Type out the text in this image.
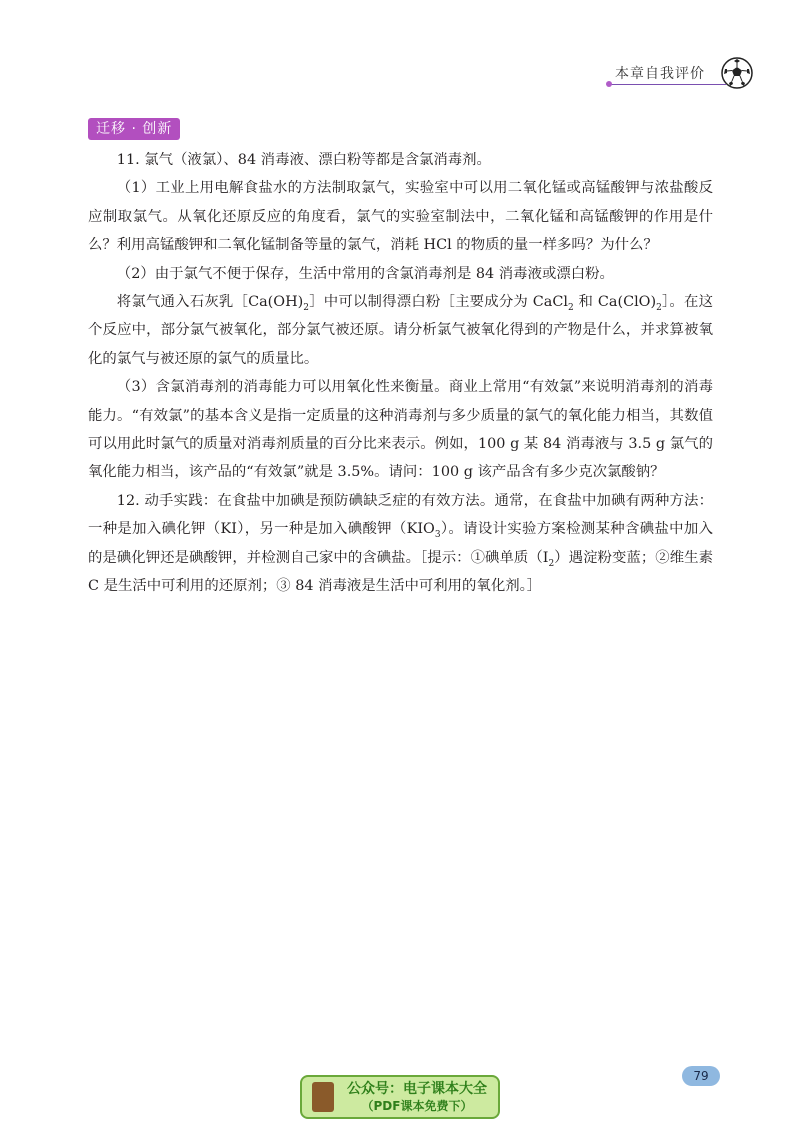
本章自我评价
迁移 · 创新

11. 氯气（液氯）、84 消毒液、漂白粉等都是含氯消毒剂。

（1）工业上用电解食盐水的方法制取氯气，实验室中可以用二氧化锰或高锰酸钾与浓盐酸反应制取氯气。从氧化还原反应的角度看，氯气的实验室制法中，二氧化锰和高锰酸钾的作用是什么？利用高锰酸钾和二氧化锰制备等量的氯气，消耗 HCl 的物质的量一样多吗？为什么？

（2）由于氯气不便于保存，生活中常用的含氯消毒剂是 84 消毒液或漂白粉。

将氯气通入石灰乳$[Ca(OH)_2]$中可以制得漂白粉［主要成分为 CaCl$_2$ 和 $Ca(ClO)_2]$。在这个反应中，部分氯气被氧化，部分氯气被还原。请分析氯气被氧化得到的产物是什么，并求算被氧化的氯气与被还原的氯气的质量比。

（3）含氯消毒剂的消毒能力可以用氧化性来衡量。商业上常用“有效氯”来说明消毒剂的消毒能力。“有效氯”的基本含义是指一定质量的这种消毒剂与多少质量的氯气的氧化能力相当，其数值可以用此时氯气的质量对消毒剂质量的百分比来表示。例如，100 g 某 84 消毒液与 3.5 g 氯气的氧化能力相当，该产品的“有效氯”就是 3.5%。请问：100 g 该产品含有多少克次氯酸钠？

12. 动手实践：在食盐中加碘是预防碘缺乏症的有效方法。通常，在食盐中加碘有两种方法：一种是加入碘化钾（KI），另一种是加入碘酸钾$(KIO_3)$。请设计实验方案检测某种含碘盐中加入的是碘化钾还是碘酸钾，并检测自己家中的含碘盐。［提示：①碘单质$(I_2)$遇淀粉变蓝；②维生素 C 是生活中可利用的还原剂；③ 84 消毒液是生活中可利用的氧化剂。］

79
公众号：电子课本大全
（PDF课本免费下）
